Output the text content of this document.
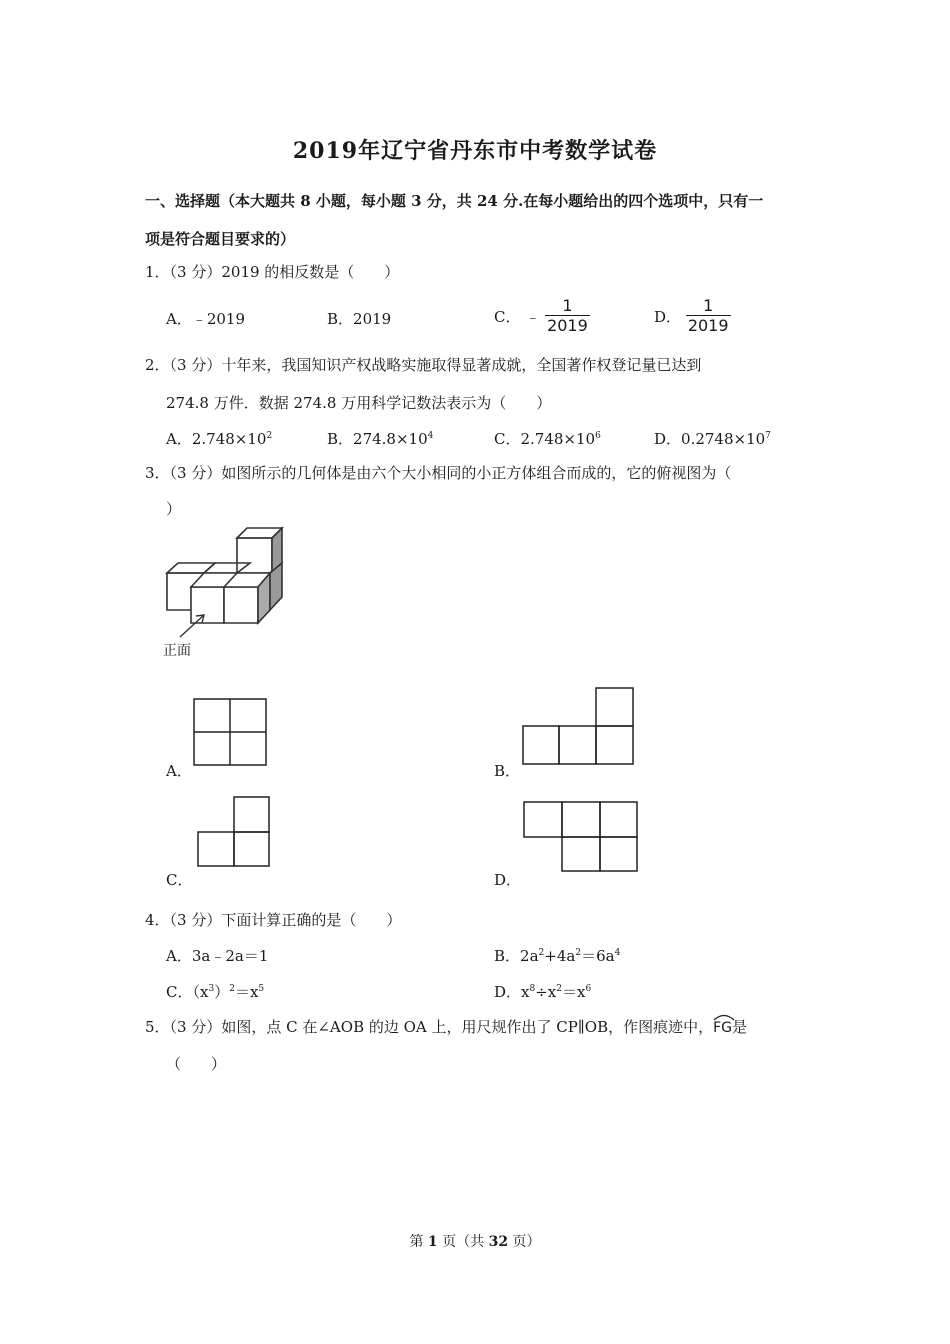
2019年辽宁省丹东市中考数学试卷
一、选择题（本大题共 8 小题，每小题 3 分，共 24 分.在每小题给出的四个选项中，只有一
项是符合题目要求的）
1．（3 分）2019 的相反数是（　　）
A．﹣2019	B．2019	C． ﹣ $\frac{1}{2019}$	D． $\frac{1}{2019}$
2．（3 分）十年来，我国知识产权战略实施取得显著成就，全国著作权登记量已达到
274.8 万件．数据 274.8 万用科学记数法表示为（　　）
A．$2.748\times 10^2$	B．$274.8\times 10^4$	C．$2.748\times 10^6$	D．$0.2748\times 10^7$
3．（3 分）如图所示的几何体是由六个大小相同的小正方体组合而成的，它的俯视图为（
）
正面
A．	B．
C．	D．
4．（3 分）下面计算正确的是（　　）
A．3a﹣2a＝1	B．$2a^2+4a^2=6a^4$
C．$(x^3)^2=x^5$	D．$x^8\div x^2=x^6$
5．（3 分）如图，点 C 在∠AOB 的边 OA 上，用尺规作出了 CP∥OB，作图痕迹中，
FG是
（　　）
第 1 页（共 32 页）
